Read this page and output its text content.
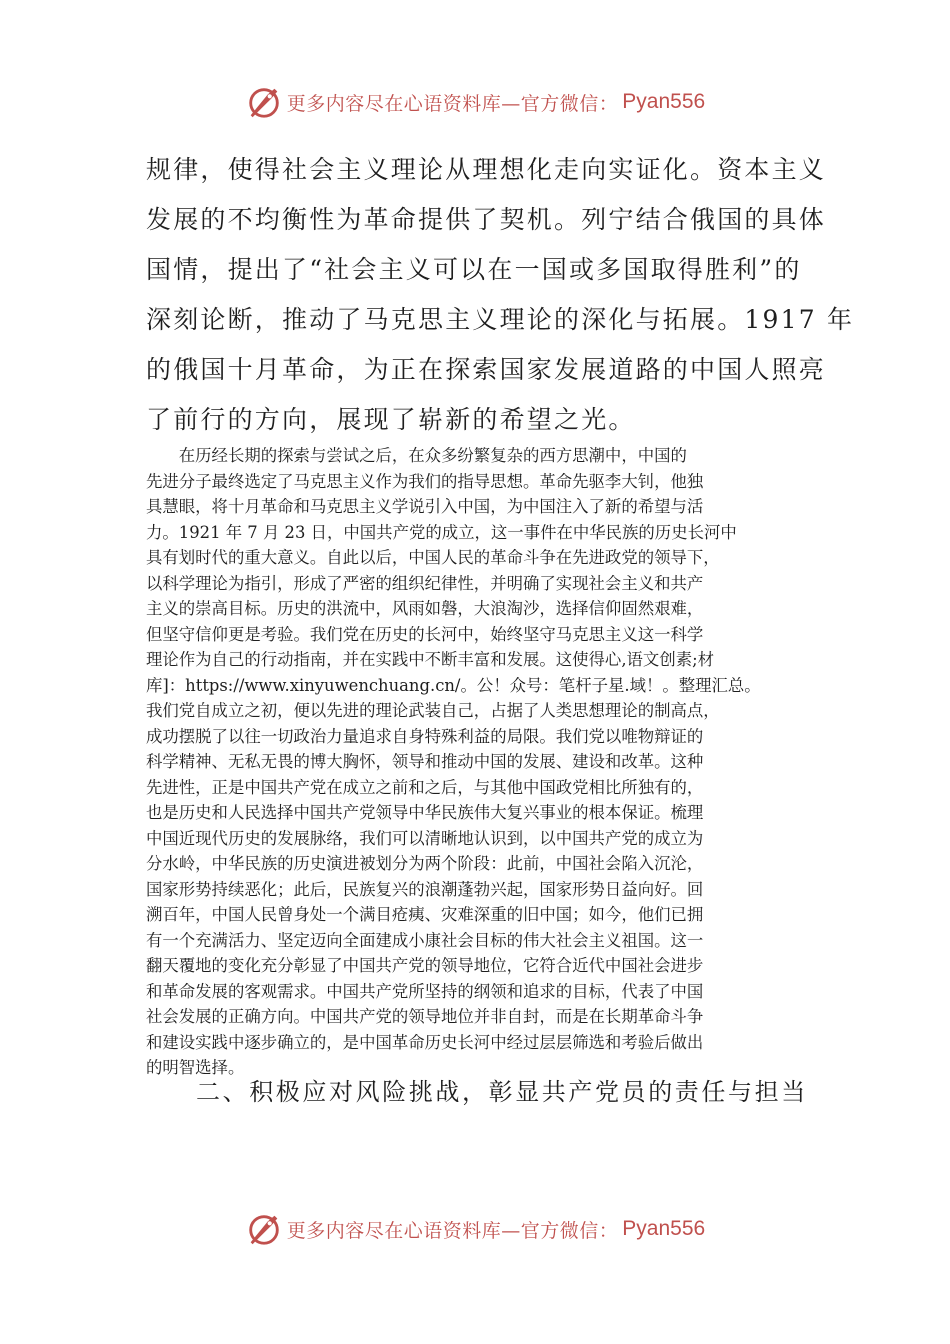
更多内容尽在心语资料库—官方微信： Pyan556
规律，使得社会主义理论从理想化走向实证化。资本主义
发展的不均衡性为革命提供了契机。列宁结合俄国的具体
国情，提出了“社会主义可以在一国或多国取得胜利”的
深刻论断，推动了马克思主义理论的深化与拓展。1917 年
的俄国十月革命，为正在探索国家发展道路的中国人照亮
了前行的方向，展现了崭新的希望之光。
　　在历经长期的探索与尝试之后，在众多纷繁复杂的西方思潮中，中国的
先进分子最终选定了马克思主义作为我们的指导思想。革命先驱李大钊，他独
具慧眼，将十月革命和马克思主义学说引入中国，为中国注入了新的希望与活
力。1921 年 7 月 23 日，中国共产党的成立，这一事件在中华民族的历史长河中
具有划时代的重大意义。自此以后，中国人民的革命斗争在先进政党的领导下，
以科学理论为指引，形成了严密的组织纪律性，并明确了实现社会主义和共产
主义的崇高目标。历史的洪流中，风雨如磐，大浪淘沙，选择信仰固然艰难，
但坚守信仰更是考验。我们党在历史的长河中，始终坚守马克思主义这一科学
理论作为自己的行动指南，并在实践中不断丰富和发展。这使得心,语文创素;材
库]：https://www.xinyuwenchuang.cn/。公！众号：笔杆子星.域！。整理汇总。
我们党自成立之初，便以先进的理论武装自己，占据了人类思想理论的制高点，
成功摆脱了以往一切政治力量追求自身特殊利益的局限。我们党以唯物辩证的
科学精神、无私无畏的博大胸怀，领导和推动中国的发展、建设和改革。这种
先进性，正是中国共产党在成立之前和之后，与其他中国政党相比所独有的，
也是历史和人民选择中国共产党领导中华民族伟大复兴事业的根本保证。梳理
中国近现代历史的发展脉络，我们可以清晰地认识到，以中国共产党的成立为
分水岭，中华民族的历史演进被划分为两个阶段：此前，中国社会陷入沉沦，
国家形势持续恶化；此后，民族复兴的浪潮蓬勃兴起，国家形势日益向好。回
溯百年，中国人民曾身处一个满目疮痍、灾难深重的旧中国；如今，他们已拥
有一个充满活力、坚定迈向全面建成小康社会目标的伟大社会主义祖国。这一
翻天覆地的变化充分彰显了中国共产党的领导地位，它符合近代中国社会进步
和革命发展的客观需求。中国共产党所坚持的纲领和追求的目标，代表了中国
社会发展的正确方向。中国共产党的领导地位并非自封，而是在长期革命斗争
和建设实践中逐步确立的，是中国革命历史长河中经过层层筛选和考验后做出
的明智选择。
二、积极应对风险挑战，彰显共产党员的责任与担当
更多内容尽在心语资料库—官方微信： Pyan556
